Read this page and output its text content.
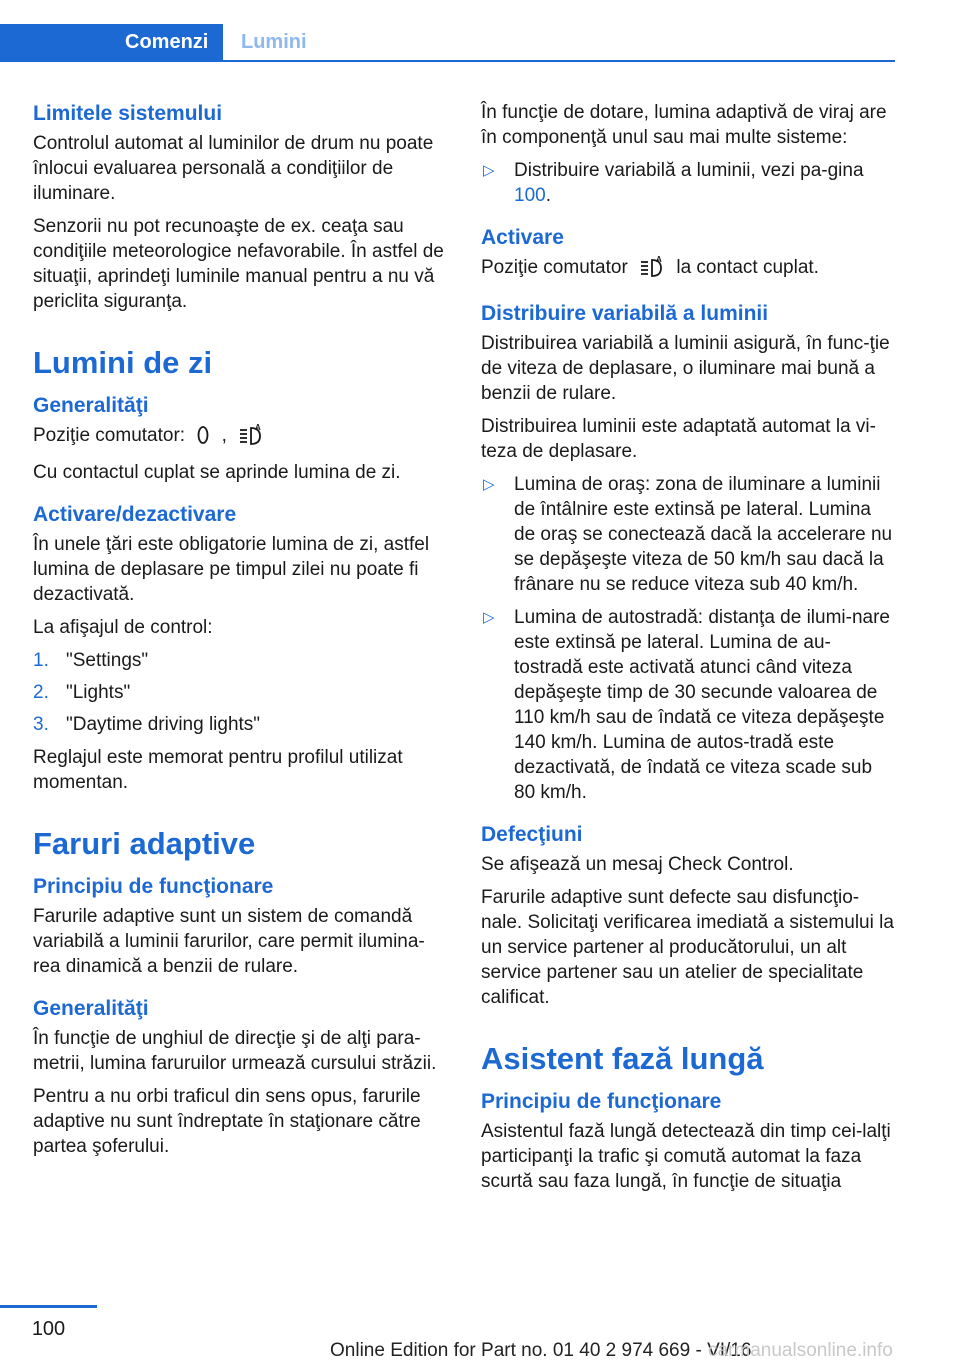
Comenzi	Lumini
Limitele sistemului
Controlul automat al luminilor de drum nu poate înlocui evaluarea personală a condiţiilor de iluminare.
Senzorii nu pot recunoaşte de ex. ceaţa sau condiţiile meteorologice nefavorabile. În astfel de situaţii, aprindeţi luminile manual pentru a nu vă periclita siguranţa.
Lumini de zi
Generalităţi
Poziţie comutator: ,	A
Cu contactul cuplat se aprinde lumina de zi.
Activare/dezactivare
În unele ţări este obligatorie lumina de zi, astfel lumina de deplasare pe timpul zilei nu poate fi dezactivată.
La afişajul de control:
1. "Settings"
2. "Lights"
3. "Daytime driving lights"
Reglajul este memorat pentru profilul utilizat momentan.
Faruri adaptive
Principiu de funcţionare
Farurile adaptive sunt un sistem de comandă variabilă a luminii farurilor, care permit ilumina‐rea dinamică a benzii de rulare.
Generalităţi
În funcţie de unghiul de direcţie şi de alţi para‐metrii, lumina faruruilor urmează cursului străzii.
Pentru a nu orbi traficul din sens opus, farurile adaptive nu sunt îndreptate în staţionare către partea şoferului.
În funcţie de dotare, lumina adaptivă de viraj are în componenţă unul sau mai multe sisteme:
▷ Distribuire variabilă a luminii, vezi pa‐gina 100.
Activare
Poziţie comutator	A la contact cuplat.
Distribuire variabilă a luminii
Distribuirea variabilă a luminii asigură, în func‐ţie de viteza de deplasare, o iluminare mai bună a benzii de rulare.
Distribuirea luminii este adaptată automat la vi‐teza de deplasare.
▷ Lumina de oraş: zona de iluminare a luminii de întâlnire este extinsă pe lateral. Lumina de oraş se conectează dacă la accelerare nu se depăşeşte viteza de 50 km/h sau dacă la frânare nu se reduce viteza sub 40 km/h.
▷ Lumina de autostradă: distanţa de ilumi‐nare este extinsă pe lateral. Lumina de au‐tostradă este activată atunci când viteza depăşeşte timp de 30 secunde valoarea de 110 km/h sau de îndată ce viteza depăşeşte 140 km/h. Lumina de autos‐tradă este dezactivată, de îndată ce viteza scade sub 80 km/h.
Defecţiuni
Se afişează un mesaj Check Control.
Farurile adaptive sunt defecte sau disfuncţio‐nale. Solicitaţi verificarea imediată a sistemului la un service partener al producătorului, un alt service partener sau un atelier de specialitate calificat.
Asistent fază lungă
Principiu de funcţionare
Asistentul fază lungă detectează din timp cei‐lalţi participanţi la trafic şi comută automat la faza scurtă sau faza lungă, în funcţie de situaţia
100
Online Edition for Part no. 01 40 2 974 669 - VI/16
carmanualsonline.info
